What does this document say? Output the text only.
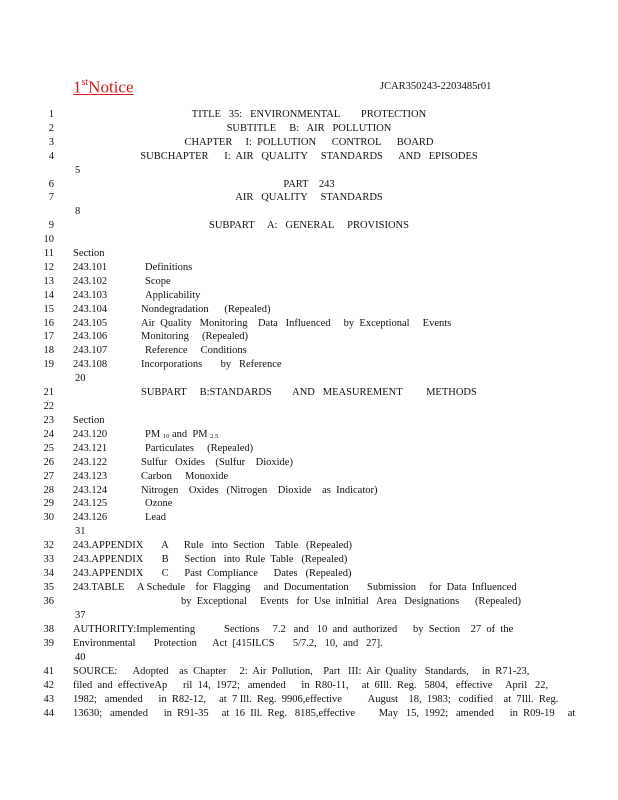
1stNotice	JCAR350243-2203485r01
1
2
3
4
5
6
7
8
9
10
11
12
13
14
15
16
17
18
19
20
21
22
23
24
25
26
27
28
29
30
31
32
33
34
35
36
37
38
39
40
41
42
43
44
TITLE   35:   ENVIRONMENTAL        PROTECTION
SUBTITLE     B:   AIR   POLLUTION
CHAPTER     I:  POLLUTION      CONTROL      BOARD
SUBCHAPTER      I:  AIR   QUALITY     STANDARDS      AND   EPISODES
PART    243
AIR   QUALITY     STANDARDS
SUBPART     A:   GENERAL     PROVISIONS
Section
243.101	Definitions
243.102	Scope
243.103	Applicability
243.104	Nondegradation      (Repealed)
243.105	Air  Quality   Monitoring    Data   Influenced     by  Exceptional     Events
243.106	Monitoring     (Repealed)
243.107	Reference     Conditions
243.108	Incorporations       by   Reference
SUBPART     B:STANDARDS        AND   MEASUREMENT         METHODS
Section
243.120	PM 10 and  PM 2.5
243.121	Particulates     (Repealed)
243.122	Sulfur   Oxides    (Sulfur    Dioxide)
243.123	Carbon     Monoxide
243.124	Nitrogen    Oxides   (Nitrogen    Dioxide    as  Indicator)
243.125	Ozone
243.126	Lead
243.APPENDIX       A      Rule   into  Section    Table   (Repealed)
243.APPENDIX       B      Section   into  Rule  Table   (Repealed)
243.APPENDIX       C      Past  Compliance      Dates   (Repealed)
243.TABLE     A Schedule    for  Flagging     and  Documentation       Submission     for  Data  Influenced
by  Exceptional     Events   for  Use  inInitial   Area   Designations      (Repealed)
AUTHORITY:Implementing           Sections     7.2   and   10  and  authorized      by  Section    27  of  the
Environmental       Protection      Act  [415ILCS       5/7.2,   10,  and   27].
SOURCE:      Adopted    as  Chapter     2:  Air  Pollution,    Part   III:  Air  Quality   Standards,     in  R71-23,
filed  and  effectiveAp      ril  14,  1972;   amended      in  R80-11,     at  6Ill.  Reg.   5804,   effective     April   22,
1982;   amended      in  R82-12,     at  7 Ill.  Reg.  9906,effective          August    18,  1983;   codified    at  7Ill.  Reg.
13630;   amended      in  R91-35     at  16  Ill.  Reg.   8185,effective         May   15,  1992;   amended      in  R09-19     at
